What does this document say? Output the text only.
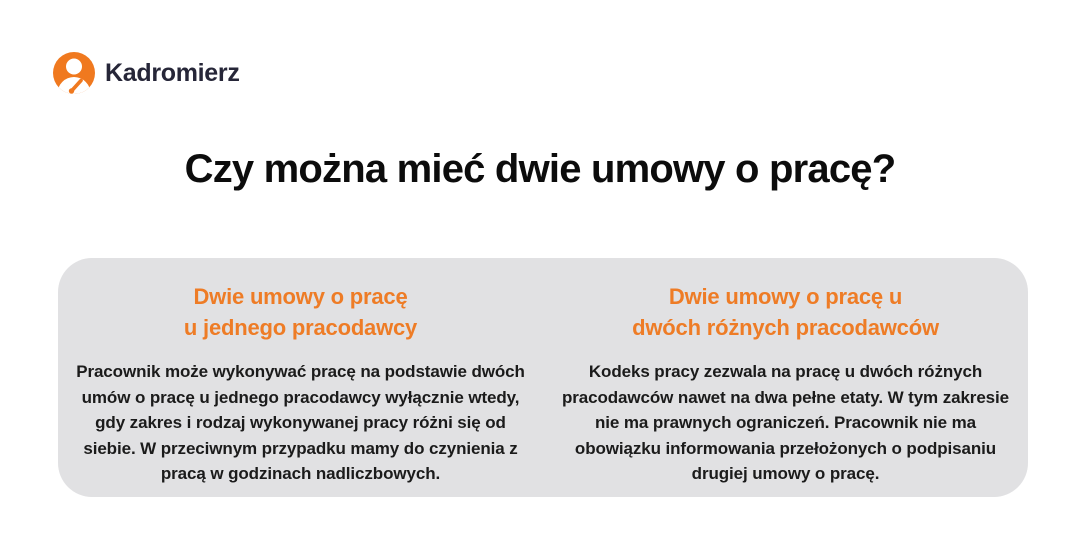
Kadromierz
Czy można mieć dwie umowy o pracę?
Dwie umowy o pracę
u jednego pracodawcy

Pracownik może wykonywać pracę na podstawie dwóch umów o pracę u jednego pracodawcy wyłącznie wtedy, gdy zakres i rodzaj wykonywanej pracy różni się od siebie. W przeciwnym przypadku mamy do czynienia z pracą w godzinach nadliczbowych.

Dwie umowy o pracę u
dwóch różnych pracodawców

Kodeks pracy zezwala na pracę u dwóch różnych pracodawców nawet na dwa pełne etaty. W tym zakresie nie ma prawnych ograniczeń. Pracownik nie ma obowiązku informowania przełożonych o podpisaniu drugiej umowy o pracę.
